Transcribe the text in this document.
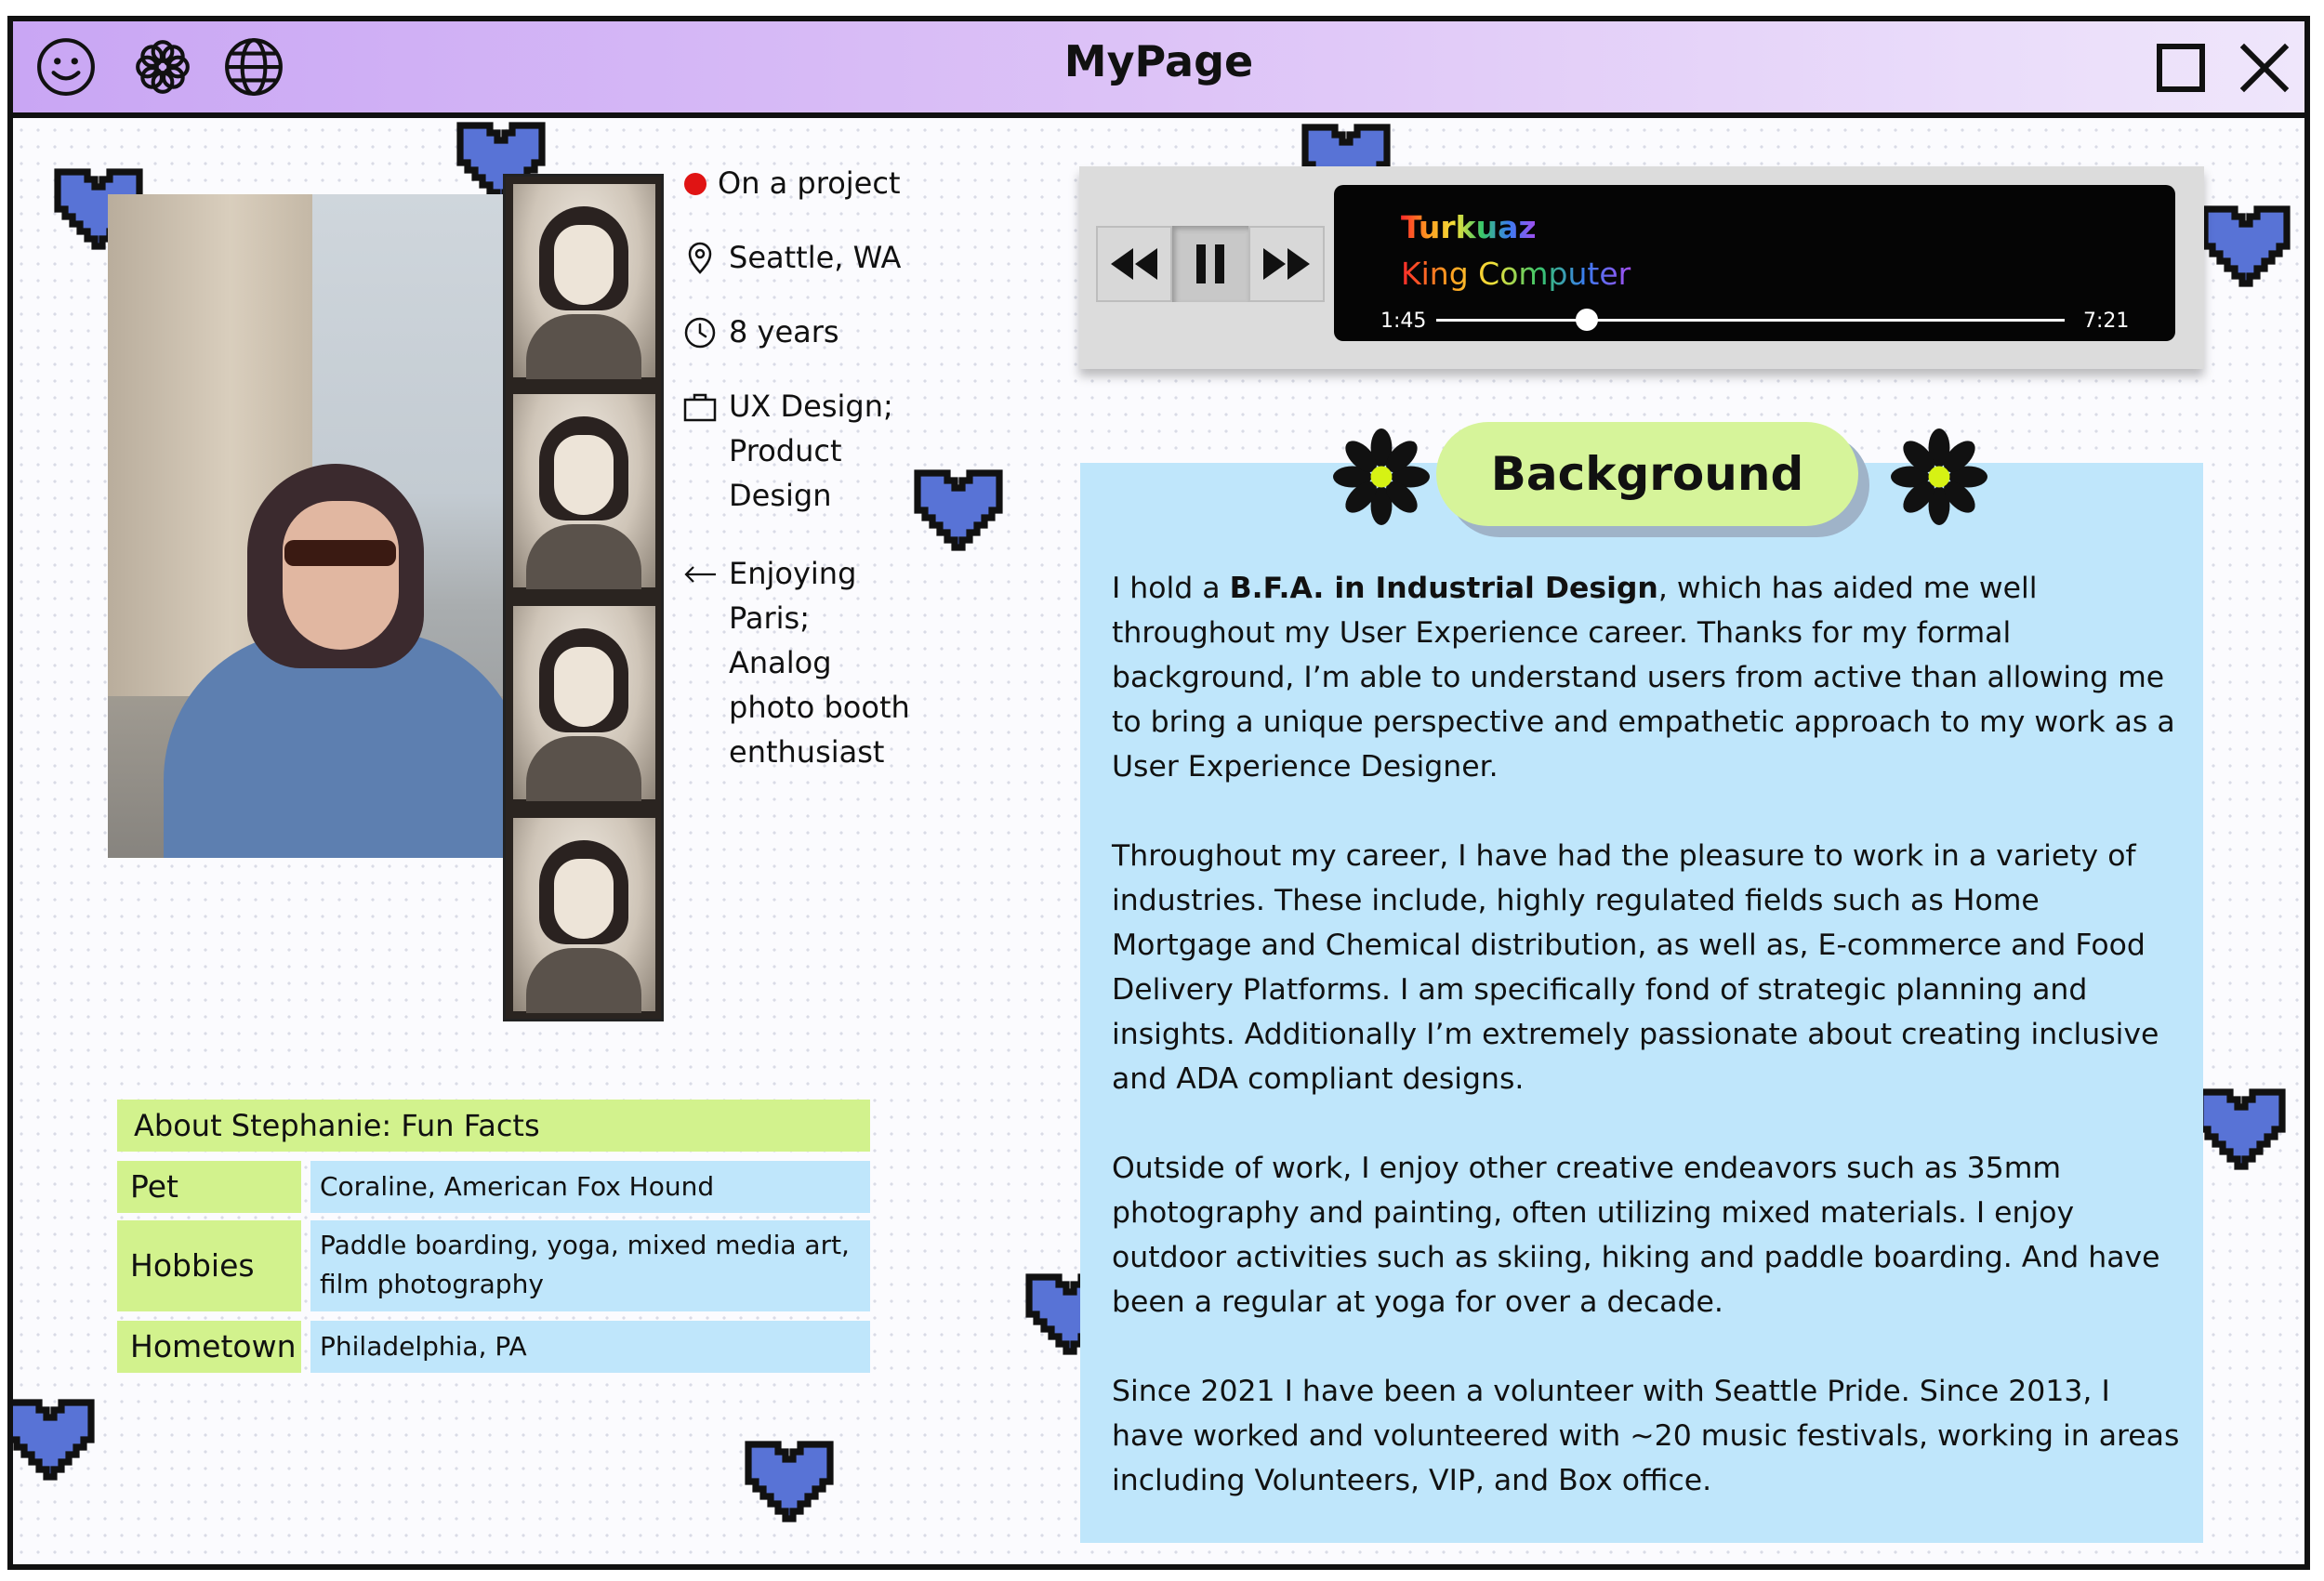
MyPage
On a project
Seattle, WA
8 years
UX Design;
Product
Design
Enjoying
Paris;
Analog
photo booth
enthusiast
About Stephanie: Fun Facts
Pet	Coraline, American Fox Hound
Hobbies
Paddle boarding, yoga, mixed media art,
film photography
Hometown Philadelphia, PA
Turkuaz
King Computer
1:45	7:21
Background

I hold a B.F.A. in Industrial Design, which has aided me well throughout my User Experience career. Thanks for my formal background, I’m able to understand users from active than allowing me to bring a unique perspective and empathetic approach to my work as a User Experience Designer.

Throughout my career, I have had the pleasure to work in a variety of industries. These include, highly regulated fields such as Home Mortgage and Chemical distribution, as well as, E-commerce and Food Delivery Platforms. I am specifically fond of strategic planning and insights. Additionally I’m extremely passionate about creating inclusive and ADA compliant designs.

Outside of work, I enjoy other creative endeavors such as 35mm photography and painting, often utilizing mixed materials. I enjoy outdoor activities such as skiing, hiking and paddle boarding. And have been a regular at yoga for over a decade.

Since 2021 I have been a volunteer with Seattle Pride. Since 2013, I have worked and volunteered with ~20 music festivals, working in areas including Volunteers, VIP, and Box office.
